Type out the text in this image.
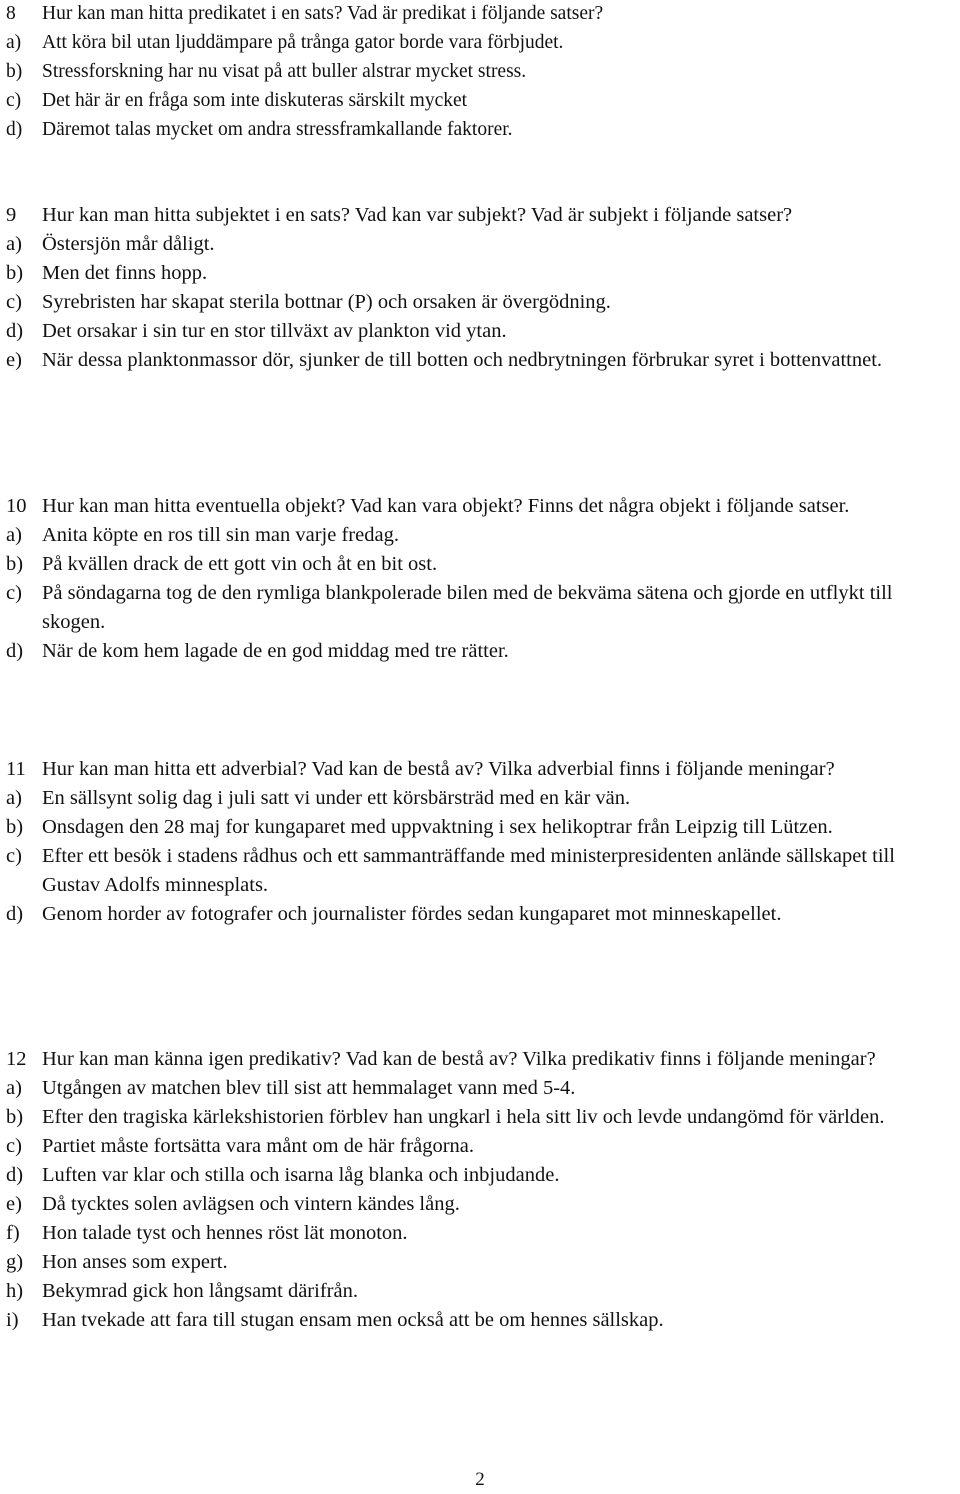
8	Hur kan man hitta predikatet i en sats? Vad är predikat i följande satser?
a)	Att köra bil utan ljuddämpare på trånga gator borde vara förbjudet.
b)	Stressforskning har nu visat på att buller alstrar mycket stress.
c)	Det här är en fråga som inte diskuteras särskilt mycket
d)	Däremot talas mycket om andra stressframkallande faktorer.
9	Hur kan man hitta subjektet i en sats? Vad kan var subjekt? Vad är subjekt i följande satser?
a) Östersjön mår dåligt.
b) Men det finns hopp.
c) Syrebristen har skapat sterila bottnar (P) och orsaken är övergödning.
d) Det orsakar i sin tur en stor tillväxt av plankton vid ytan.
e) När dessa planktonmassor dör, sjunker de till botten och nedbrytningen förbrukar syret i bottenvattnet.
10 Hur kan man hitta eventuella objekt? Vad kan vara objekt? Finns det några objekt i följande satser.
a) Anita köpte en ros till sin man varje fredag.
b) På kvällen drack de ett gott vin och åt en bit ost.
c) På söndagarna tog de den rymliga blankpolerade bilen med de bekväma sätena och gjorde en utflykt till skogen.
d) När de kom hem lagade de en god middag med tre rätter.
11 Hur kan man hitta ett adverbial? Vad kan de bestå av? Vilka adverbial finns i följande meningar?
a) En sällsynt solig dag i juli satt vi under ett körsbärsträd med en kär vän.
b) Onsdagen den 28 maj for kungaparet med uppvaktning i sex helikoptrar från Leipzig till Lützen.
c) Efter ett besök i stadens rådhus och ett sammanträffande med ministerpresidenten anlände sällskapet till Gustav Adolfs minnesplats.
d) Genom horder av fotografer och journalister fördes sedan kungaparet mot minneskapellet.
12 Hur kan man känna igen predikativ? Vad kan de bestå av? Vilka predikativ finns i följande meningar?
a) Utgången av matchen blev till sist att hemmalaget vann med 5-4.
b) Efter den tragiska kärlekshistorien förblev han ungkarl i hela sitt liv och levde undangömd för världen.
c) Partiet måste fortsätta vara månt om de här frågorna.
d) Luften var klar och stilla och isarna låg blanka och inbjudande.
e) Då tycktes solen avlägsen och vintern kändes lång.
f)	Hon talade tyst och hennes röst lät monoton.
g) Hon anses som expert.
h) Bekymrad gick hon långsamt därifrån.
i)	Han tvekade att fara till stugan ensam men också att be om hennes sällskap.
2
